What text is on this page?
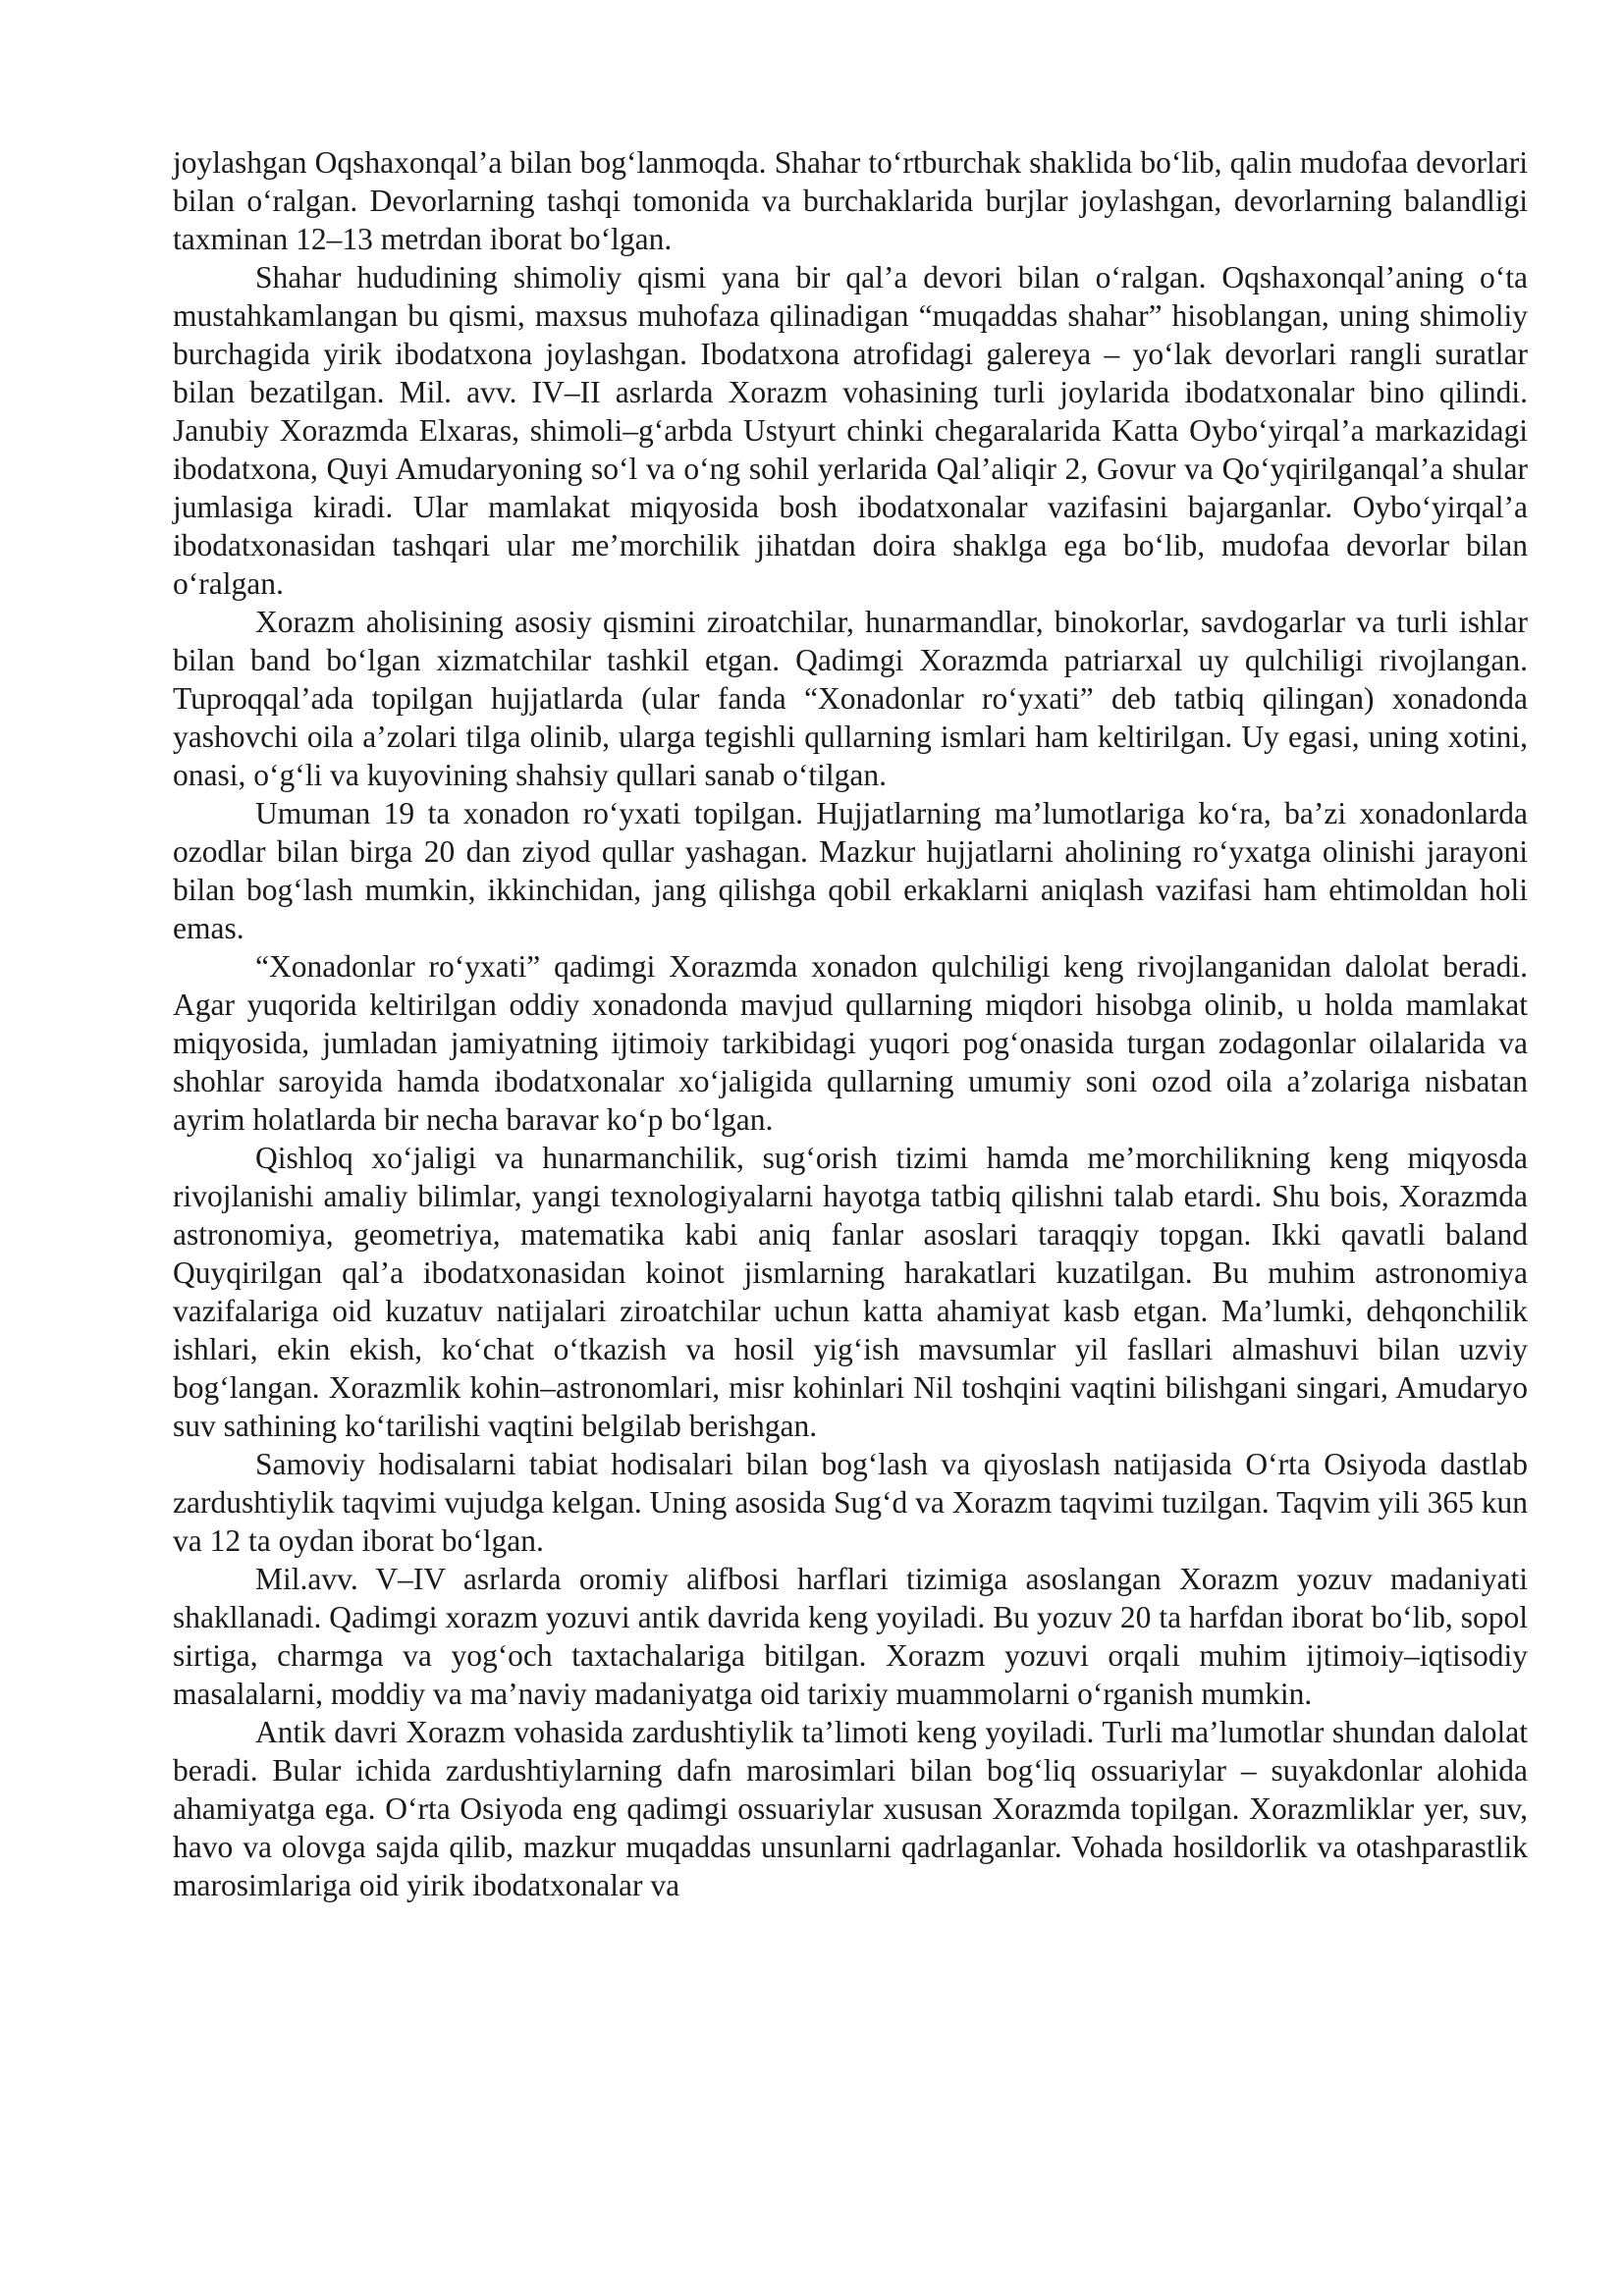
joylashgan Oqshaxonqal’a bilan bog‘lanmoqda. Shahar to‘rtburchak shaklida bo‘lib, qalin mudofaa devorlari bilan o‘ralgan. Devorlarning tashqi tomonida va burchaklarida burjlar joylashgan, devorlarning balandligi taxminan 12–13 metrdan iborat bo‘lgan.

Shahar hududining shimoliy qismi yana bir qal’a devori bilan o‘ralgan. Oqshaxonqal’aning o‘ta mustahkamlangan bu qismi, maxsus muhofaza qilinadigan “muqaddas shahar” hisoblangan, uning shimoliy burchagida yirik ibodatxona joylashgan. Ibodatxona atrofidagi galereya – yo‘lak devorlari rangli suratlar bilan bezatilgan. Mil. avv. IV–II asrlarda Xorazm vohasining turli joylarida ibodatxonalar bino qilindi. Janubiy Xorazmda Elxaras, shimoli–g‘arbda Ustyurt chinki chegaralarida Katta Oybo‘yirqal’a markazidagi ibodatxona, Quyi Amudaryoning so‘l va o‘ng sohil yerlarida Qal’aliqir 2, Govur va Qo‘yqirilganqal’a shular jumlasiga kiradi. Ular mamlakat miqyosida bosh ibodatxonalar vazifasini bajarganlar. Oybo‘yirqal’a ibodatxonasidan tashqari ular me’morchilik jihatdan doira shaklga ega bo‘lib, mudofaa devorlar bilan o‘ralgan.

Xorazm aholisining asosiy qismini ziroatchilar, hunarmandlar, binokorlar, savdogarlar va turli ishlar bilan band bo‘lgan xizmatchilar tashkil etgan. Qadimgi Xorazmda patriarxal uy qulchiligi rivojlangan. Tuproqqal’ada topilgan hujjatlarda (ular fanda “Xonadonlar ro‘yxati” deb tatbiq qilingan) xonadonda yashovchi oila a’zolari tilga olinib, ularga tegishli qullarning ismlari ham keltirilgan. Uy egasi, uning xotini, onasi, o‘g‘li va kuyovining shahsiy qullari sanab o‘tilgan.

Umuman 19 ta xonadon ro‘yxati topilgan. Hujjatlarning ma’lumotlariga ko‘ra, ba’zi xonadonlarda ozodlar bilan birga 20 dan ziyod qullar yashagan. Mazkur hujjatlarni aholining ro‘yxatga olinishi jarayoni bilan bog‘lash mumkin, ikkinchidan, jang qilishga qobil erkaklarni aniqlash vazifasi ham ehtimoldan holi emas.

“Xonadonlar ro‘yxati” qadimgi Xorazmda xonadon qulchiligi keng rivojlanganidan dalolat beradi. Agar yuqorida keltirilgan oddiy xonadonda mavjud qullarning miqdori hisobga olinib, u holda mamlakat miqyosida, jumladan jamiyatning ijtimoiy tarkibidagi yuqori pog‘onasida turgan zodagonlar oilalarida va shohlar saroyida hamda ibodatxonalar xo‘jaligida qullarning umumiy soni ozod oila a’zolariga nisbatan ayrim holatlarda bir necha baravar ko‘p bo‘lgan.

Qishloq xo‘jaligi va hunarmanchilik, sug‘orish tizimi hamda me’morchilikning keng miqyosda rivojlanishi amaliy bilimlar, yangi texnologiyalarni hayotga tatbiq qilishni talab etardi. Shu bois, Xorazmda astronomiya, geometriya, matematika kabi aniq fanlar asoslari taraqqiy topgan. Ikki qavatli baland Quyqirilgan qal’a ibodatxonasidan koinot jismlarning harakatlari kuzatilgan. Bu muhim astronomiya vazifalariga oid kuzatuv natijalari ziroatchilar uchun katta ahamiyat kasb etgan. Ma’lumki, dehqonchilik ishlari, ekin ekish, ko‘chat o‘tkazish va hosil yig‘ish mavsumlar yil fasllari almashuvi bilan uzviy bog‘langan. Xorazmlik kohin–astronomlari, misr kohinlari Nil toshqini vaqtini bilishgani singari, Amudaryo suv sathining ko‘tarilishi vaqtini belgilab berishgan.

Samoviy hodisalarni tabiat hodisalari bilan bog‘lash va qiyoslash natijasida O‘rta Osiyoda dastlab zardushtiylik taqvimi vujudga kelgan. Uning asosida Sug‘d va Xorazm taqvimi tuzilgan. Taqvim yili 365 kun va 12 ta oydan iborat bo‘lgan.

Mil.avv. V–IV asrlarda oromiy alifbosi harflari tizimiga asoslangan Xorazm yozuv madaniyati shakllanadi. Qadimgi xorazm yozuvi antik davrida keng yoyiladi. Bu yozuv 20 ta harfdan iborat bo‘lib, sopol sirtiga, charmga va yog‘och taxtachalariga bitilgan. Xorazm yozuvi orqali muhim ijtimoiy–iqtisodiy masalalarni, moddiy va ma’naviy madaniyatga oid tarixiy muammolarni o‘rganish mumkin.

Antik davri Xorazm vohasida zardushtiylik ta’limoti keng yoyiladi. Turli ma’lumotlar shundan dalolat beradi. Bular ichida zardushtiylarning dafn marosimlari bilan bog‘liq ossuariylar – suyakdonlar alohida ahamiyatga ega. O‘rta Osiyoda eng qadimgi ossuariylar xususan Xorazmda topilgan. Xorazmliklar yer, suv, havo va olovga sajda qilib, mazkur muqaddas unsunlarni qadrlaganlar. Vohada hosildorlik va otashparastlik marosimlariga oid yirik ibodatxonalar va
